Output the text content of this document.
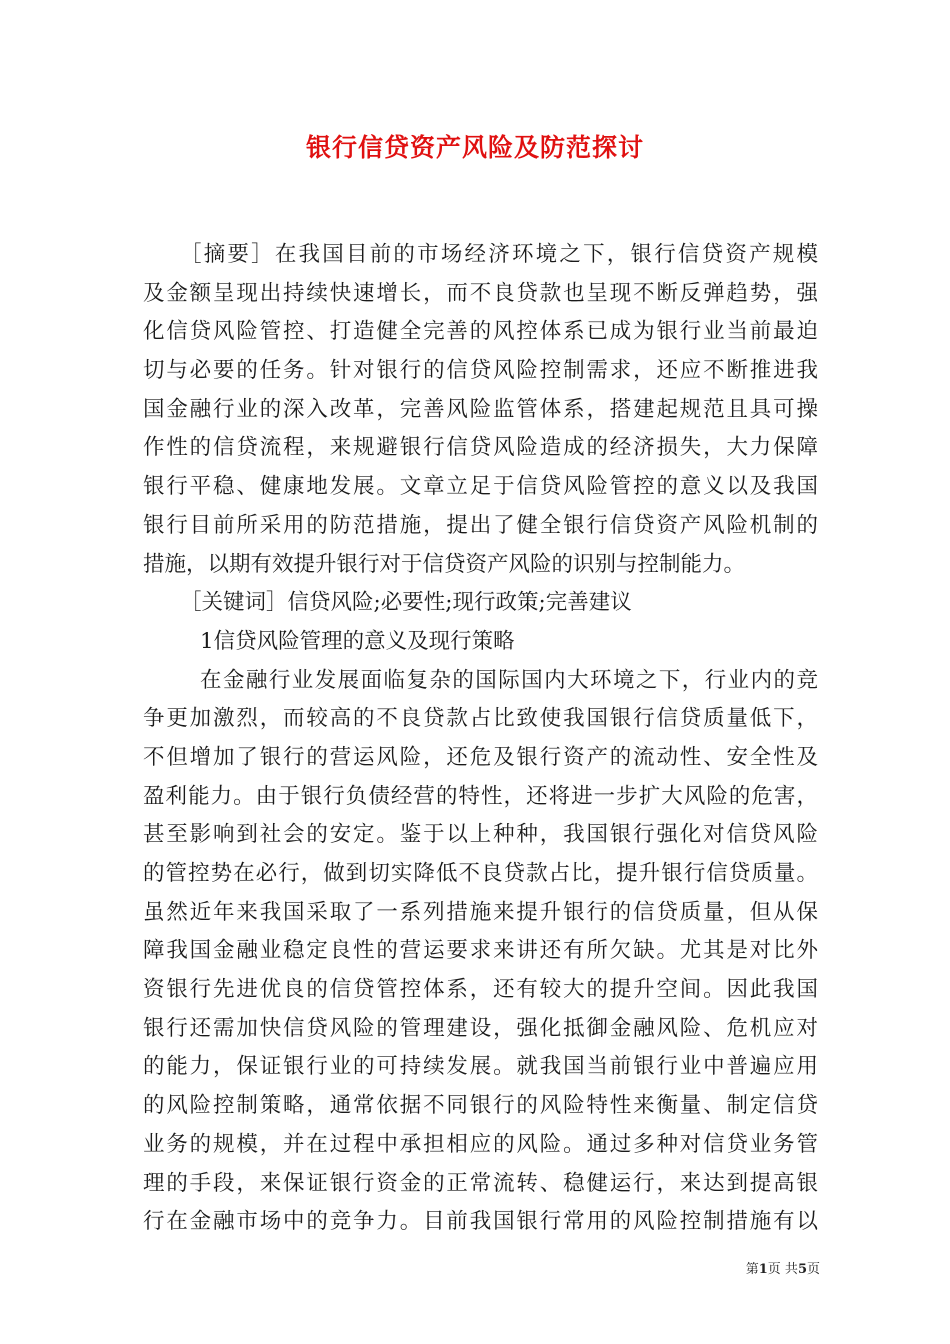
银行信贷资产风险及防范探讨
［摘要］在我国目前的市场经济环境之下，银行信贷资产规模
及金额呈现出持续快速增长，而不良贷款也呈现不断反弹趋势，强
化信贷风险管控、打造健全完善的风控体系已成为银行业当前最迫
切与必要的任务。针对银行的信贷风险控制需求，还应不断推进我
国金融行业的深入改革，完善风险监管体系，搭建起规范且具可操
作性的信贷流程，来规避银行信贷风险造成的经济损失，大力保障
银行平稳、健康地发展。文章立足于信贷风险管控的意义以及我国
银行目前所采用的防范措施，提出了健全银行信贷资产风险机制的
措施，以期有效提升银行对于信贷资产风险的识别与控制能力。
［关键词］信贷风险;必要性;现行政策;完善建议
1信贷风险管理的意义及现行策略
在金融行业发展面临复杂的国际国内大环境之下，行业内的竞
争更加激烈，而较高的不良贷款占比致使我国银行信贷质量低下，
不但增加了银行的营运风险，还危及银行资产的流动性、安全性及
盈利能力。由于银行负债经营的特性，还将进一步扩大风险的危害，
甚至影响到社会的安定。鉴于以上种种，我国银行强化对信贷风险
的管控势在必行，做到切实降低不良贷款占比，提升银行信贷质量。
虽然近年来我国采取了一系列措施来提升银行的信贷质量，但从保
障我国金融业稳定良性的营运要求来讲还有所欠缺。尤其是对比外
资银行先进优良的信贷管控体系，还有较大的提升空间。因此我国
银行还需加快信贷风险的管理建设，强化抵御金融风险、危机应对
的能力，保证银行业的可持续发展。就我国当前银行业中普遍应用
的风险控制策略，通常依据不同银行的风险特性来衡量、制定信贷
业务的规模，并在过程中承担相应的风险。通过多种对信贷业务管
理的手段，来保证银行资金的正常流转、稳健运行，来达到提高银
行在金融市场中的竞争力。目前我国银行常用的风险控制措施有以
第1页 共5页
